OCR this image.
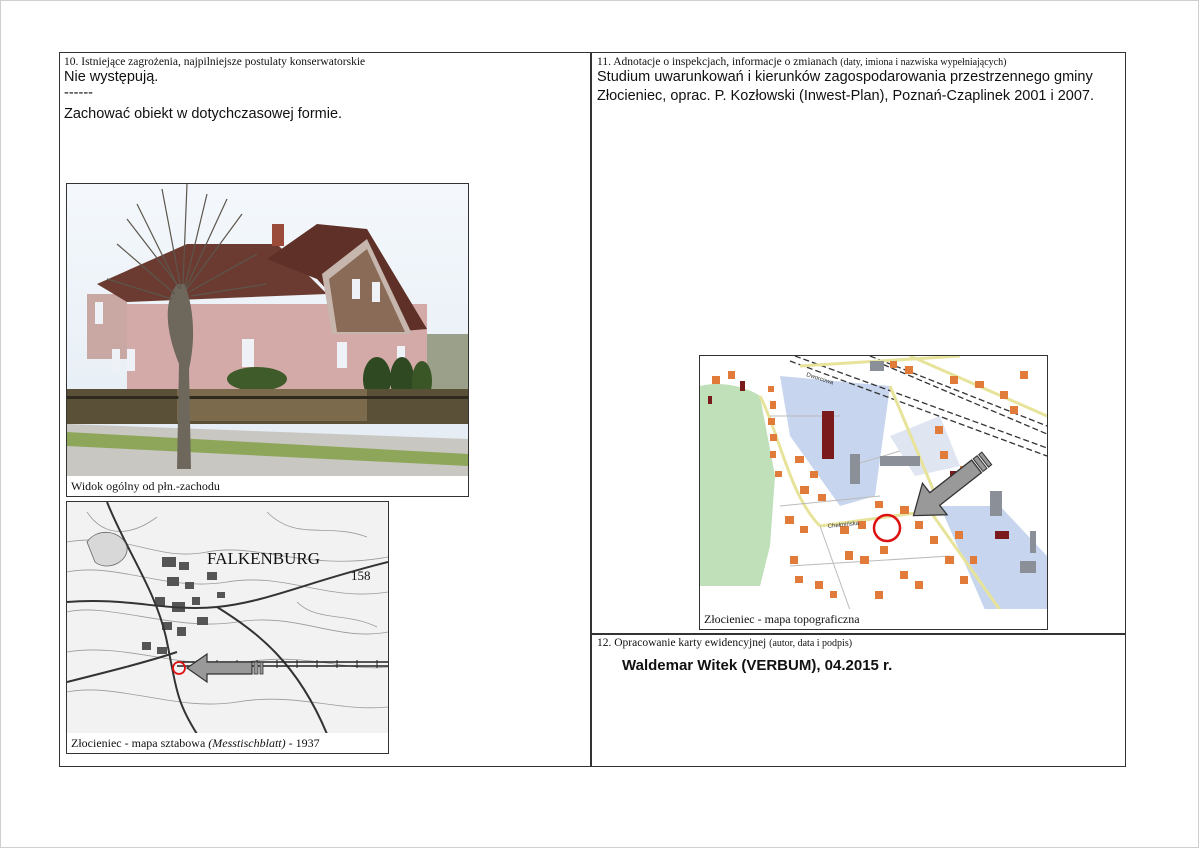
10. Istniejące zagrożenia, najpilniejsze postulaty konserwatorskie
Nie występują.
------
Zachować obiekt w dotychczasowej formie.
11. Adnotacje o inspekcjach, informacje o zmianach (daty, imiona i nazwiska wypełniających)
Studium uwarunkowań i kierunków zagospodarowania przestrzennego gminy Złocieniec, oprac. P. Kozłowski (Inwest-Plan), Poznań-Czaplinek 2001 i 2007.
12. Opracowanie karty ewidencyjnej (autor, data i podpis)
Waldemar Witek (VERBUM), 04.2015 r.
Widok ogólny od płn.-zachodu
FALKENBURG
158
Złocieniec - mapa sztabowa (Messtischblatt) - 1937
Dworcowa
Chełmińska
Złocieniec - mapa topograficzna
